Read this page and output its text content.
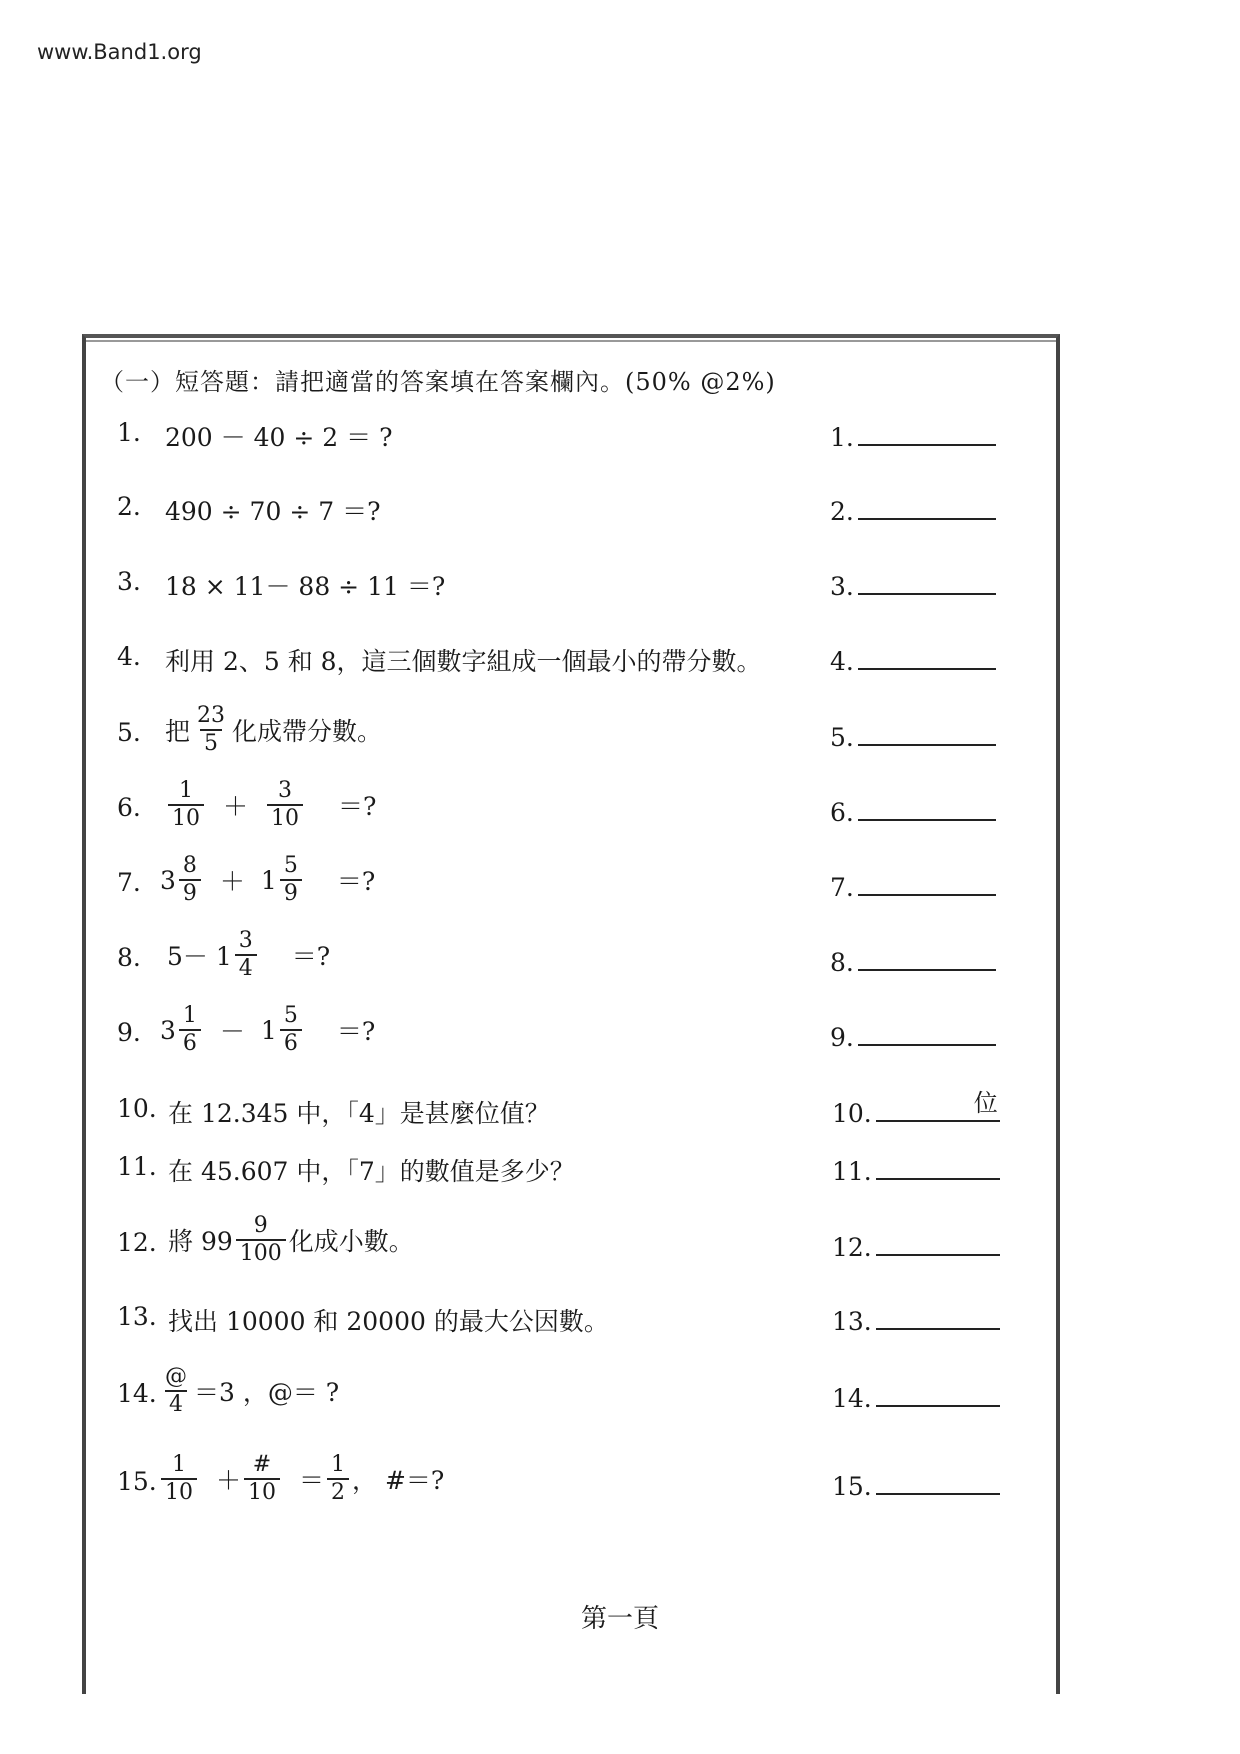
www.Band1.org
（一）短答題：請把適當的答案填在答案欄內。(50% @2%)
1. 200 － 40 ÷ 2 ＝ ?	1.
2. 490 ÷ 70 ÷ 7 ＝?	2.
3. 18 × 11－ 88 ÷ 11 ＝?	3.
4. 利用 2、5 和 8，這三個數字組成一個最小的帶分數。	4.
5. 把 $\frac{23}{5}$ 化成帶分數。	5.
6. $\frac{1}{10} + \frac{3}{10}$ ＝?	6.
7. $3 \frac{8}{9} + 1 \frac{5}{9}$ ＝?	7.
8. $5- 1 \frac{3}{4}$ ＝?	8.
9. $3 \frac{1}{6} - 1 \frac{5}{6}$ ＝?	9.
10. 在 12.345 中，「4」是甚麼位值？	10.	位
11. 在 45.607 中，「7」的數值是多少？	11.
12. 將 $99 \frac{9}{100}$ 化成小數。	12.
13. 找出 10000 和 20000 的最大公因數。	13.
14. $\frac{@}{4} =3$ ，@＝ ?	14.
15. $\frac{1}{10} + \frac{\#}{10} = \frac{1}{2}$ ， #＝?	15.
第一頁
